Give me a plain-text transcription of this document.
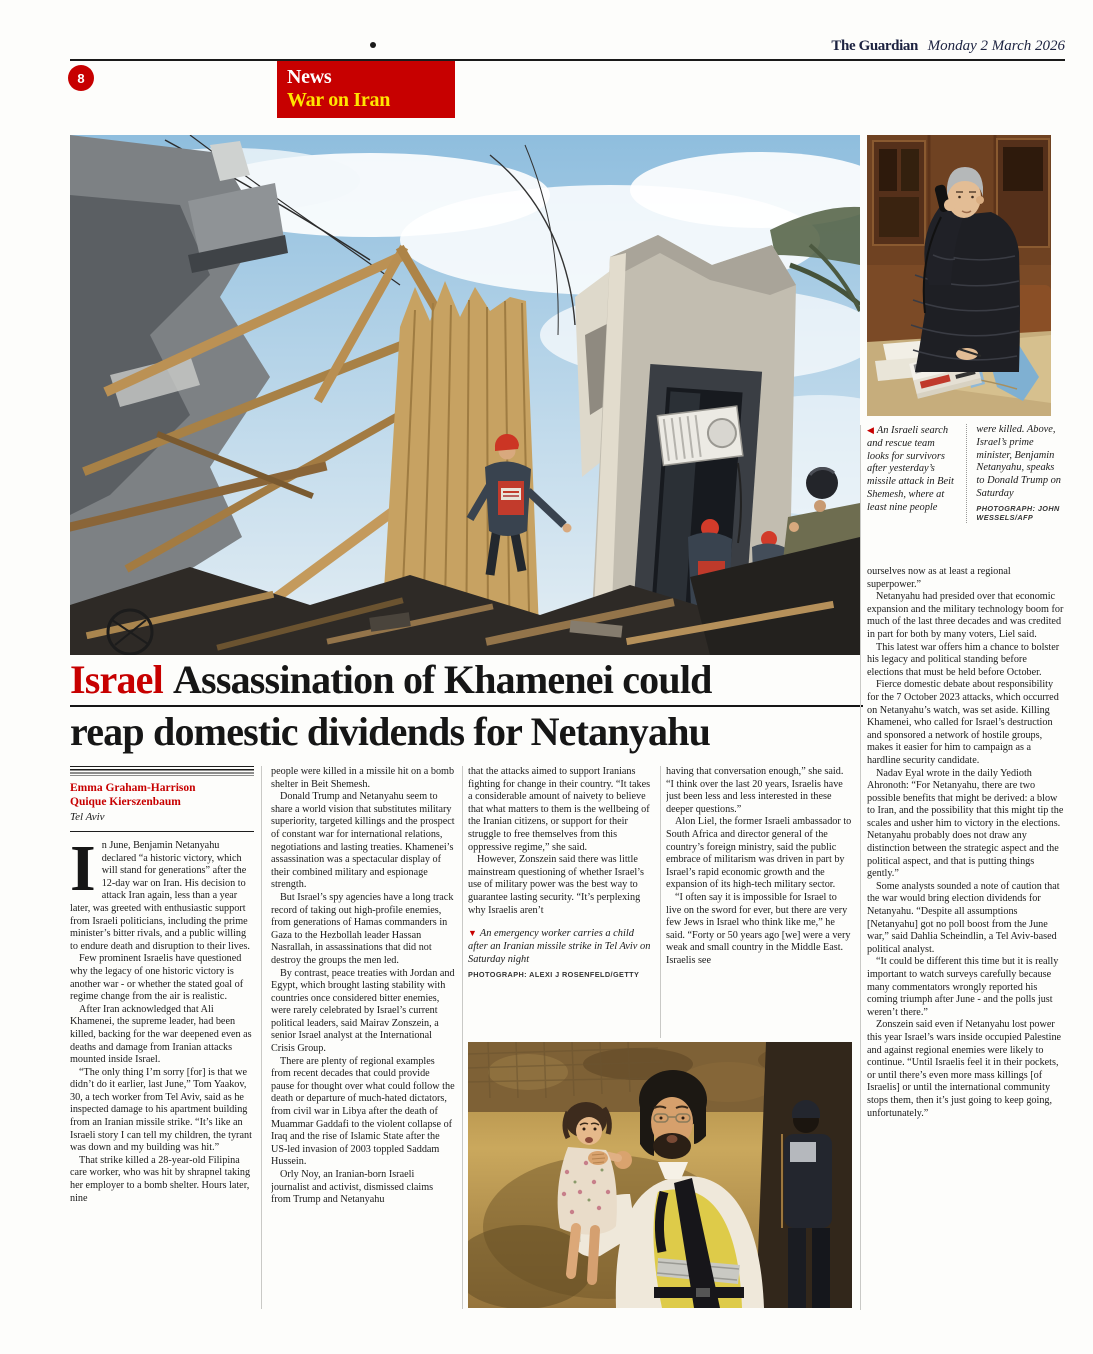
The Guardian Monday 2 March 2026
8	News
War on Iran
Israel Assassination of Khamenei could
reap domestic dividends for Netanyahu
Emma Graham-Harrison
Quique Kierszenbaum
Tel Aviv

In June, Benjamin Netanyahu declared “a historic victory, which will stand for generations” after the 12-day war on Iran. His decision to attack Iran again, less than a year later, was greeted with enthusiastic support from Israeli politicians, including the prime minister’s bitter rivals, and a public willing to endure death and disruption to their lives.

Few prominent Israelis have questioned why the legacy of one historic victory is another war - or whether the stated goal of regime change from the air is realistic.

After Iran acknowledged that Ali Khamenei, the supreme leader, had been killed, backing for the war deepened even as deaths and damage from Iranian attacks mounted inside Israel.

“The only thing I’m sorry [for] is that we didn’t do it earlier, last June,” Tom Yaakov, 30, a tech worker from Tel Aviv, said as he inspected damage to his apartment building from an Iranian missile strike. “It’s like an Israeli story I can tell my children, the tyrant was down and my building was hit.”

That strike killed a 28-year-old Filipina care worker, who was hit by shrapnel taking her employer to a bomb shelter. Hours later, nine

people were killed in a missile hit on a bomb shelter in Beit Shemesh.

Donald Trump and Netanyahu seem to share a world vision that substitutes military superiority, targeted killings and the prospect of constant war for international relations, negotiations and lasting treaties. Khamenei’s assassination was a spectacular display of their combined military and espionage strength.

But Israel’s spy agencies have a long track record of taking out high-profile enemies, from generations of Hamas commanders in Gaza to the Hezbollah leader Hassan Nasrallah, in assassinations that did not destroy the groups the men led.

By contrast, peace treaties with Jordan and Egypt, which brought lasting stability with countries once considered bitter enemies, were rarely celebrated by Israel’s current political leaders, said Mairav Zonszein, a senior Israel analyst at the International Crisis Group.

There are plenty of regional examples from recent decades that could provide pause for thought over what could follow the death or departure of much-hated dictators, from civil war in Libya after the death of Muammar Gaddafi to the violent collapse of Iraq and the rise of Islamic State after the US-led invasion of 2003 toppled Saddam Hussein.

Orly Noy, an Iranian-born Israeli journalist and activist, dismissed claims from Trump and Netanyahu

that the attacks aimed to support Iranians fighting for change in their country. “It takes a considerable amount of naivety to believe that what matters to them is the wellbeing of the Iranian citizens, or support for their struggle to free themselves from this oppressive regime,” she said.

However, Zonszein said there was little mainstream questioning of whether Israel’s use of military power was the best way to guarantee lasting security. “It’s perplexing why Israelis aren’t

▼ An emergency worker carries a child after an Iranian missile strike in Tel Aviv on Saturday night
PHOTOGRAPH: ALEXI J ROSENFELD/GETTY

having that conversation enough,” she said. “I think over the last 20 years, Israelis have just been less and less interested in these deeper questions.”

Alon Liel, the former Israeli ambassador to South Africa and director general of the country’s foreign ministry, said the public embrace of militarism was driven in part by Israel’s rapid economic growth and the expansion of its high-tech military sector.

“I often say it is impossible for Israel to live on the sword for ever, but there are very few Jews in Israel who think like me,” he said. “Forty or 50 years ago [we] were a very weak and small country in the Middle East. Israelis see

◀ An Israeli search and rescue team looks for survivors after yesterday’s missile attack in Beit Shemesh, where at least nine people
were killed. Above, Israel’s prime minister, Benjamin Netanyahu, speaks to Donald Trump on Saturday
PHOTOGRAPH: JOHN WESSELS/AFP

ourselves now as at least a regional superpower.”

Netanyahu had presided over that economic expansion and the military technology boom for much of the last three decades and was credited in part for both by many voters, Liel said.

This latest war offers him a chance to bolster his legacy and political standing before elections that must be held before October.

Fierce domestic debate about responsibility for the 7 October 2023 attacks, which occurred on Netanyahu’s watch, was set aside. Killing Khamenei, who called for Israel’s destruction and sponsored a network of hostile groups, makes it easier for him to campaign as a hardline security candidate.

Nadav Eyal wrote in the daily Yedioth Ahronoth: “For Netanyahu, there are two possible benefits that might be derived: a blow to Iran, and the possibility that this might tip the scales and usher him to victory in the elections. Netanyahu probably does not draw any distinction between the strategic aspect and the political aspect, and that is putting things gently.”

Some analysts sounded a note of caution that the war would bring election dividends for Netanyahu. “Despite all assumptions [Netanyahu] got no poll boost from the June war,” said Dahlia Scheindlin, a Tel Aviv-based political analyst.

“It could be different this time but it is really important to watch surveys carefully because many commentators wrongly reported his coming triumph after June - and the polls just weren’t there.”

Zonszein said even if Netanyahu lost power this year Israel’s wars inside occupied Palestine and against regional enemies were likely to continue. “Until Israelis feel it in their pockets, or until there’s even more mass killings [of Israelis] or until the international community stops them, then it’s just going to keep going, unfortunately.”
